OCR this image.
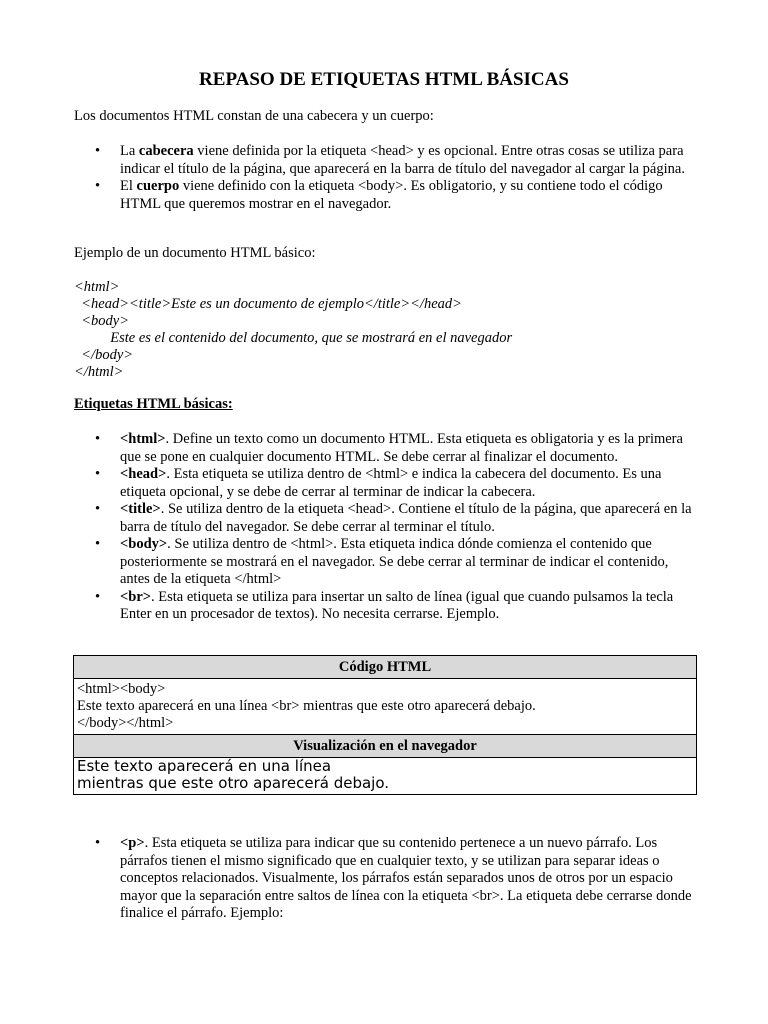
REPASO DE ETIQUETAS HTML BÁSICAS

Los documentos HTML constan de una cabecera y un cuerpo:

• La cabecera viene definida por la etiqueta <head> y es opcional. Entre otras cosas se utiliza para indicar el título de la página, que aparecerá en la barra de título del navegador al cargar la página.
• El cuerpo viene definido con la etiqueta <body>. Es obligatorio, y su contiene todo el código HTML que queremos mostrar en el navegador.

Ejemplo de un documento HTML básico:

<html>
<head><title>Este es un documento de ejemplo</title></head>
<body>
Este es el contenido del documento, que se mostrará en el navegador
</body>
</html>
Etiquetas HTML básicas:
• <html>. Define un texto como un documento HTML. Esta etiqueta es obligatoria y es la primera que se pone en cualquier documento HTML. Se debe cerrar al finalizar el documento.
• <head>. Esta etiqueta se utiliza dentro de <html> e indica la cabecera del documento. Es una etiqueta opcional, y se debe de cerrar al terminar de indicar la cabecera.
• <title>. Se utiliza dentro de la etiqueta <head>. Contiene el título de la página, que aparecerá en la barra de título del navegador. Se debe cerrar al terminar el título.
• <body>. Se utiliza dentro de <html>. Esta etiqueta indica dónde comienza el contenido que posteriormente se mostrará en el navegador. Se debe cerrar al terminar de indicar el contenido, antes de la etiqueta </html>
• <br>. Esta etiqueta se utiliza para insertar un salto de línea (igual que cuando pulsamos la tecla Enter en un procesador de textos). No necesita cerrarse. Ejemplo.
Código HTML

<html><body>
Este texto aparecerá en una línea <br> mientras que este otro aparecerá debajo.
</body></html>

Visualización en el navegador

Este texto aparecerá en una línea
mientras que este otro aparecerá debajo.
• <p>. Esta etiqueta se utiliza para indicar que su contenido pertenece a un nuevo párrafo. Los párrafos tienen el mismo significado que en cualquier texto, y se utilizan para separar ideas o conceptos relacionados. Visualmente, los párrafos están separados unos de otros por un espacio mayor que la separación entre saltos de línea con la etiqueta <br>. La etiqueta debe cerrarse donde finalice el párrafo. Ejemplo:
